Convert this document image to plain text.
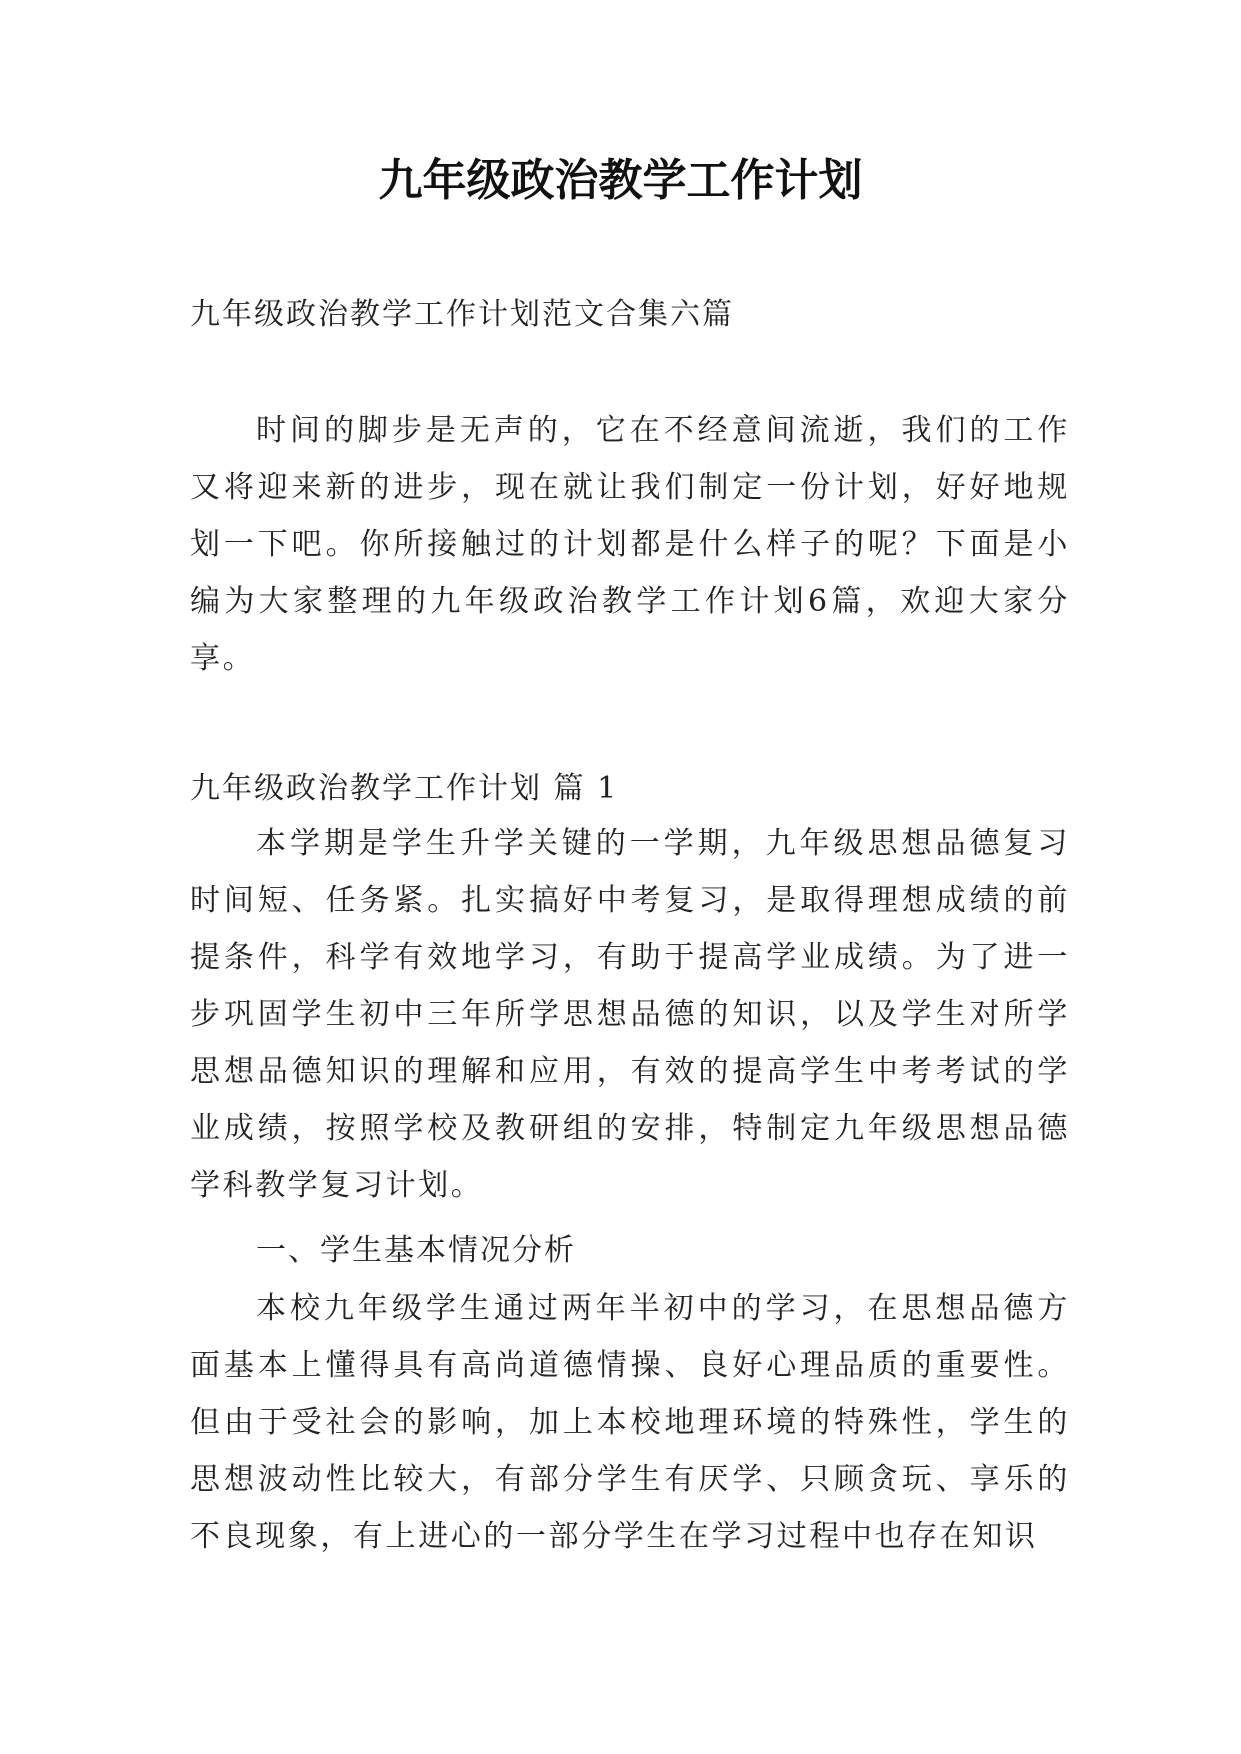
九年级政治教学工作计划
九年级政治教学工作计划范文合集六篇
时间的脚步是无声的，它在不经意间流逝，我们的工作又将迎来新的进步，现在就让我们制定一份计划，好好地规划一下吧。你所接触过的计划都是什么样子的呢？下面是小编为大家整理的九年级政治教学工作计划6篇，欢迎大家分享。
九年级政治教学工作计划 篇 1
本学期是学生升学关键的一学期，九年级思想品德复习时间短、任务紧。扎实搞好中考复习，是取得理想成绩的前提条件，科学有效地学习，有助于提高学业成绩。为了进一步巩固学生初中三年所学思想品德的知识，以及学生对所学思想品德知识的理解和应用，有效的提高学生中考考试的学业成绩，按照学校及教研组的安排，特制定九年级思想品德学科教学复习计划。
一、学生基本情况分析
本校九年级学生通过两年半初中的学习，在思想品德方面基本上懂得具有高尚道德情操、良好心理品质的重要性。但由于受社会的影响，加上本校地理环境的特殊性，学生的思想波动性比较大，有部分学生有厌学、只顾贪玩、享乐的不良现象，有上进心的一部分学生在学习过程中也存在知识
